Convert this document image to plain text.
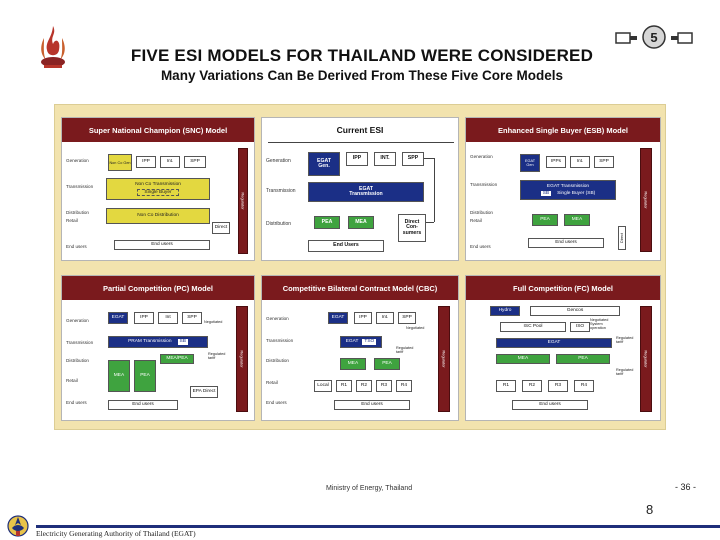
FIVE ESI MODELS FOR THAILAND WERE CONSIDERED
Many Variations Can Be Derived From These Five Core Models
5
Super National Champion (SNC) Model
Generation
Transmission
Distribution
Retail
End users
Non Co Gen	IPP	Int.	SPP
Non Co Transmission
Single Buyer
Non Co Distribution
Direct
End users
Regulator
Current ESI
Generation
Transmission
Distribution
EGAT
Gen.
IPP	INT.	SPP
EGAT
Transmission
PEA	MEA	Direct
Con-
sumers
End Users
Enhanced Single Buyer (ESB) Model
Generation
Transmission
Distribution
Retail
End users
EGAT
Gen
IPPs	Int.	SPP
EGAT Transmission
SB Single Buyer (SB)
PEA	MEA
End users
Direct
Regulator
Partial Competition (PC) Model
Generation
Transmission
Distribution
Retail
End users
EGAT	IPP	Int	SPP
Negotiated
PRAM Transmission	SB
Regulated
tariff
MEA/PEA
MEA	PEA
EPA Direct
End users
Regulator
Competitive Bilateral Contract Model (CBC)
Generation
Transmission
Distribution
Retail
End users
EGAT	IPP	Int.	SPP
Negotiated
EGAT	TSO
Regulated
tariff
MEA	PEA
Local	R1	R2	R3	R4
End users
Regulator
Full Competition (FC) Model
Hydro	Gencos
Negotiated
System
operation
ISC Pool	ISO
EGAT
Regulated
tariff
MEA	PEA
Regulated
tariff
R1	R2	R3	R4
End users
Regulator
Ministry of Energy, Thailand	- 36 -
8
Electricity Generating Authority of Thailand (EGAT)
